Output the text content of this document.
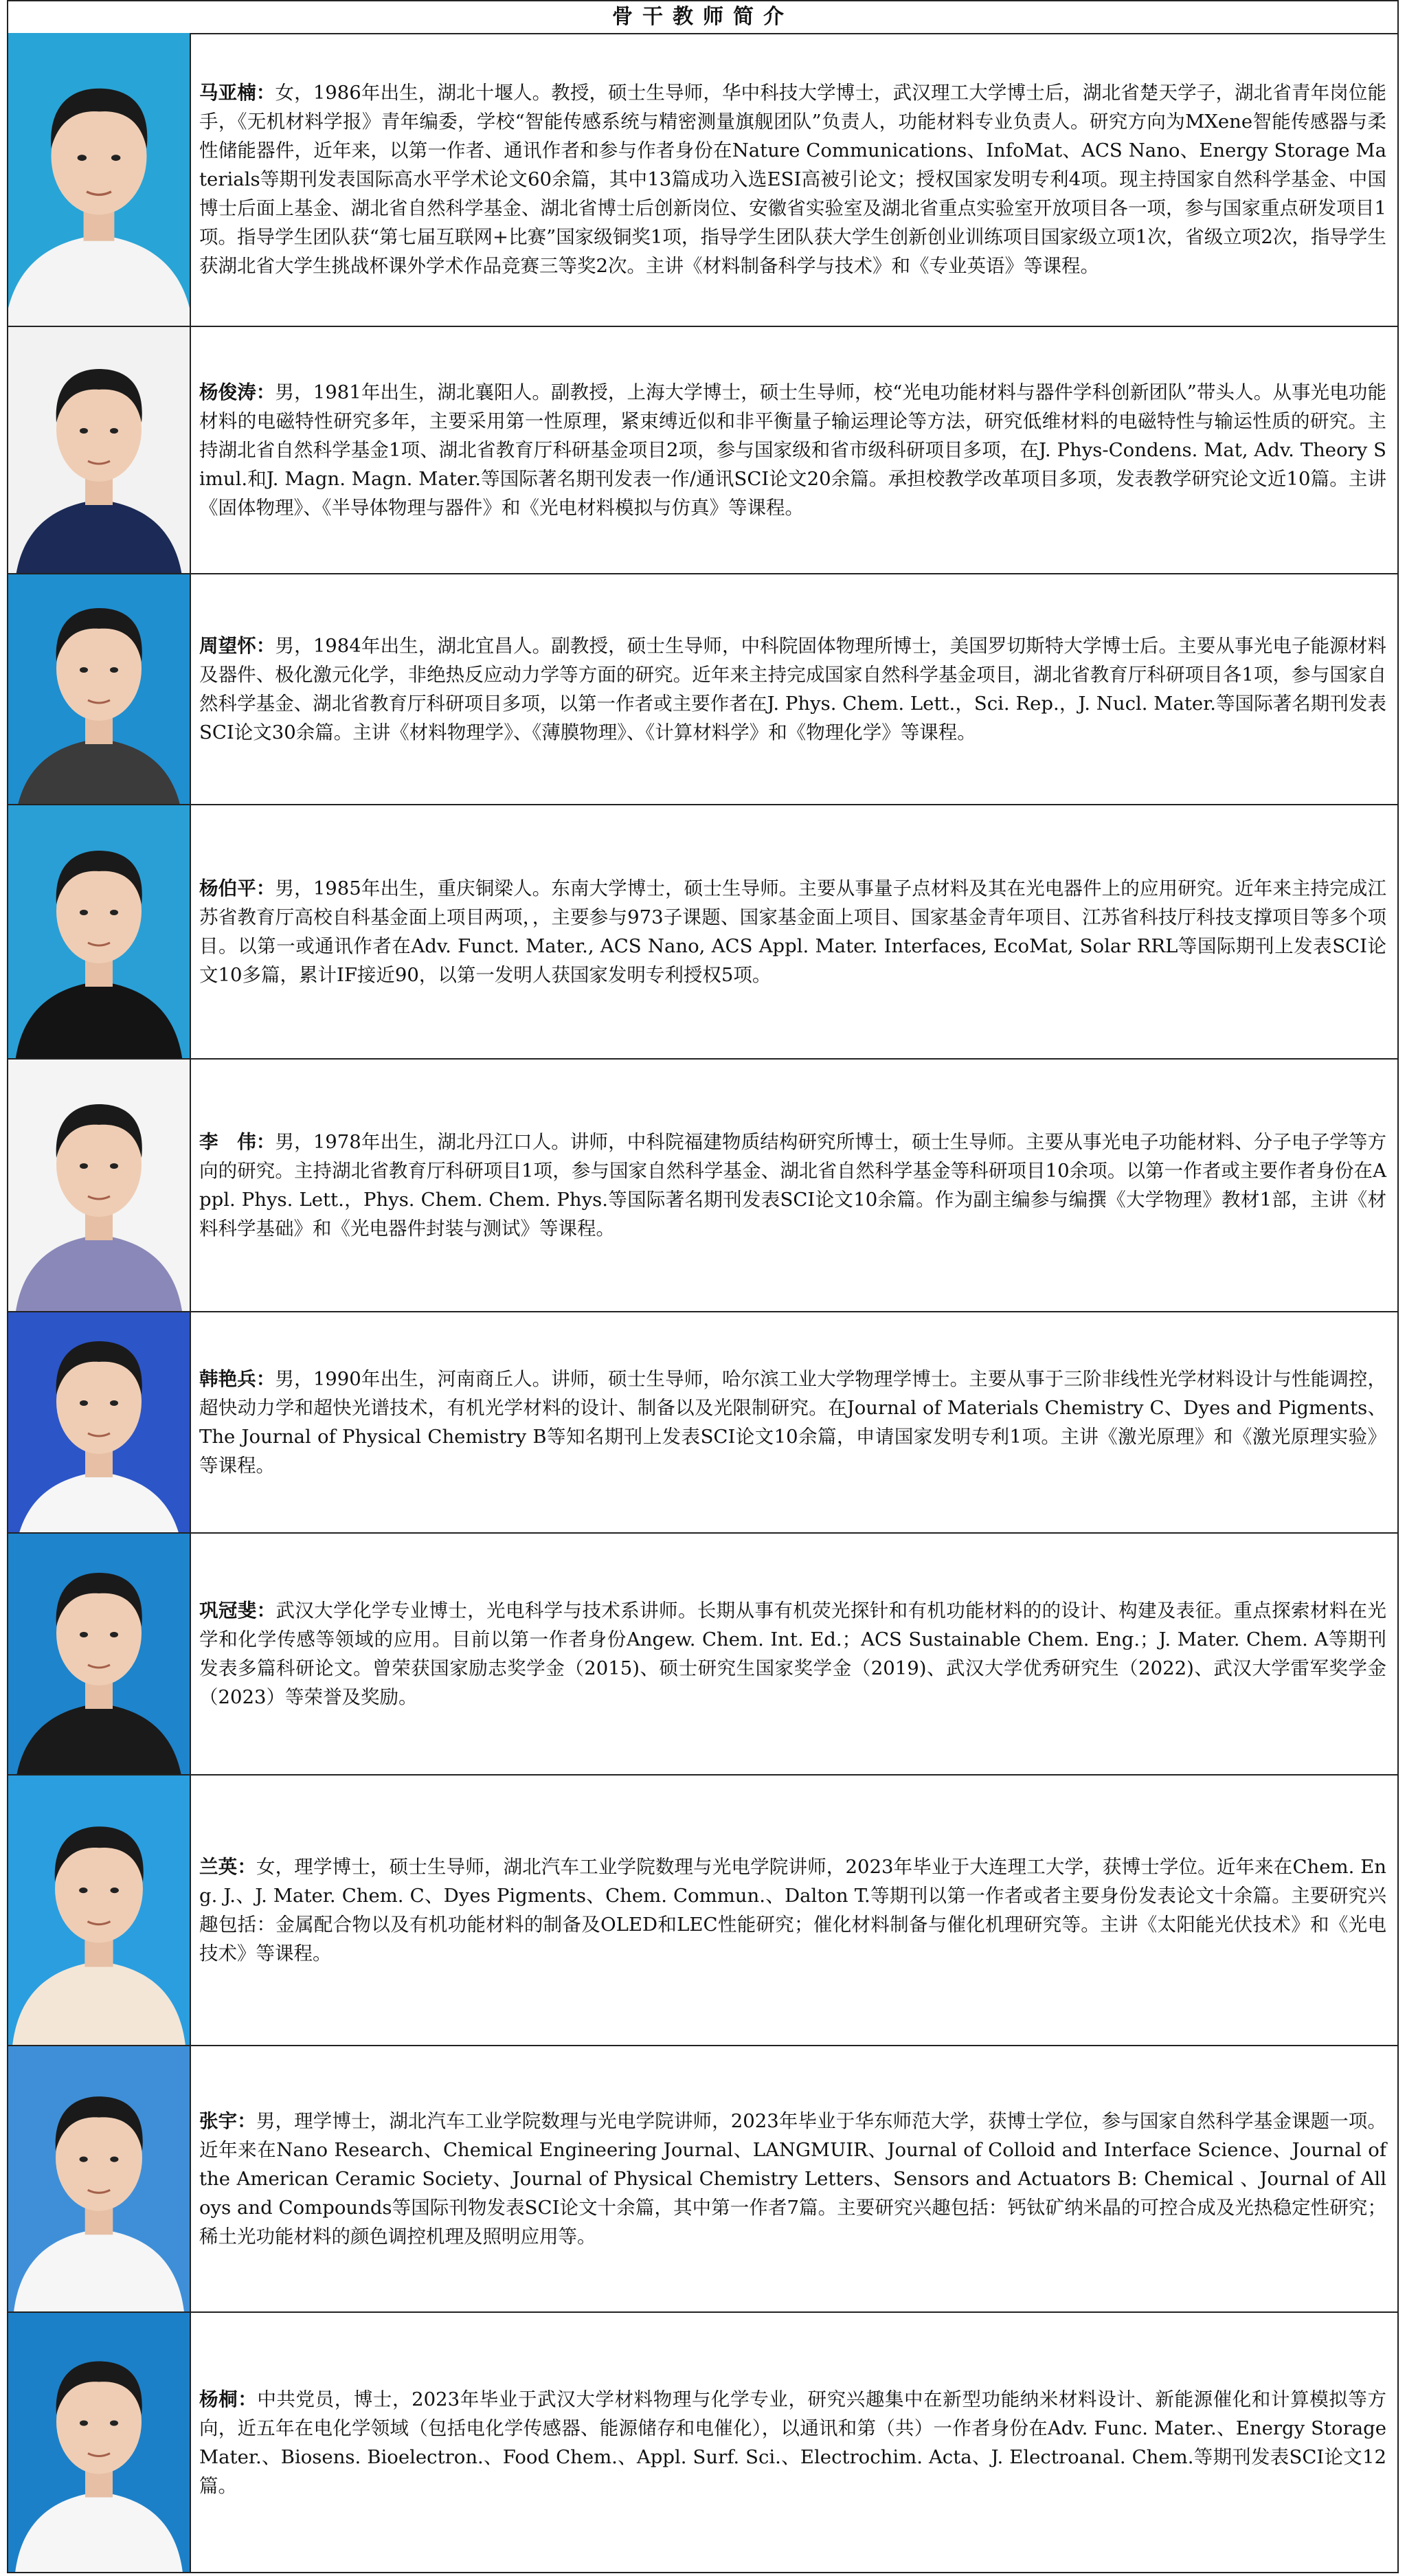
骨干教师简介

马亚楠：女，1986年出生，湖北十堰人。教授，硕士生导师，华中科技大学博士，武汉理工大学博士后，湖北省楚天学子，湖北省青年岗位能手，《无机材料学报》青年编委，学校“智能传感系统与精密测量旗舰团队”负责人，功能材料专业负责人。研究方向为MXene智能传感器与柔性储能器件，近年来，以第一作者、通讯作者和参与作者身份在Nature Communications、InfoMat、ACS Nano、Energy Storage Materials等期刊发表国际高水平学术论文60余篇，其中13篇成功入选ESI高被引论文；授权国家发明专利4项。现主持国家自然科学基金、中国博士后面上基金、湖北省自然科学基金、湖北省博士后创新岗位、安徽省实验室及湖北省重点实验室开放项目各一项，参与国家重点研发项目1项。指导学生团队获“第七届互联网+比赛”国家级铜奖1项，指导学生团队获大学生创新创业训练项目国家级立项1次，省级立项2次，指导学生获湖北省大学生挑战杯课外学术作品竞赛三等奖2次。主讲《材料制备科学与技术》和《专业英语》等课程。

杨俊涛：男，1981年出生，湖北襄阳人。副教授，上海大学博士，硕士生导师，校“光电功能材料与器件学科创新团队”带头人。从事光电功能材料的电磁特性研究多年，主要采用第一性原理，紧束缚近似和非平衡量子输运理论等方法，研究低维材料的电磁特性与输运性质的研究。主持湖北省自然科学基金1项、湖北省教育厅科研基金项目2项，参与国家级和省市级科研项目多项，在J. Phys-Condens. Mat, Adv. Theory Simul.和J. Magn. Magn. Mater.等国际著名期刊发表一作/通讯SCI论文20余篇。承担校教学改革项目多项，发表教学研究论文近10篇。主讲《固体物理》、《半导体物理与器件》和《光电材料模拟与仿真》等课程。

周望怀：男，1984年出生，湖北宜昌人。副教授，硕士生导师，中科院固体物理所博士，美国罗切斯特大学博士后。主要从事光电子能源材料及器件、极化激元化学，非绝热反应动力学等方面的研究。近年来主持完成国家自然科学基金项目，湖北省教育厅科研项目各1项，参与国家自然科学基金、湖北省教育厅科研项目多项，以第一作者或主要作者在J. Phys. Chem. Lett.，Sci. Rep.，J. Nucl. Mater.等国际著名期刊发表SCI论文30余篇。主讲《材料物理学》、《薄膜物理》、《计算材料学》和《物理化学》等课程。

杨伯平：男，1985年出生，重庆铜梁人。东南大学博士，硕士生导师。主要从事量子点材料及其在光电器件上的应用研究。近年来主持完成江苏省教育厅高校自科基金面上项目两项，，主要参与973子课题、国家基金面上项目、国家基金青年项目、江苏省科技厅科技支撑项目等多个项目。以第一或通讯作者在Adv. Funct. Mater., ACS Nano, ACS Appl. Mater. Interfaces, EcoMat, Solar RRL等国际期刊上发表SCI论文10多篇，累计IF接近90，以第一发明人获国家发明专利授权5项。

李　伟：男，1978年出生，湖北丹江口人。讲师，中科院福建物质结构研究所博士，硕士生导师。主要从事光电子功能材料、分子电子学等方向的研究。主持湖北省教育厅科研项目1项，参与国家自然科学基金、湖北省自然科学基金等科研项目10余项。以第一作者或主要作者身份在Appl. Phys. Lett.，Phys. Chem. Chem. Phys.等国际著名期刊发表SCI论文10余篇。作为副主编参与编撰《大学物理》教材1部，主讲《材料科学基础》和《光电器件封装与测试》等课程。

韩艳兵：男，1990年出生，河南商丘人。讲师，硕士生导师，哈尔滨工业大学物理学博士。主要从事于三阶非线性光学材料设计与性能调控，超快动力学和超快光谱技术，有机光学材料的设计、制备以及光限制研究。在Journal of Materials Chemistry C、Dyes and Pigments、The Journal of Physical Chemistry B等知名期刊上发表SCI论文10余篇，申请国家发明专利1项。主讲《激光原理》和《激光原理实验》等课程。

巩冠斐：武汉大学化学专业博士，光电科学与技术系讲师。长期从事有机荧光探针和有机功能材料的的设计、构建及表征。重点探索材料在光学和化学传感等领域的应用。目前以第一作者身份Angew. Chem. Int. Ed.；ACS Sustainable Chem. Eng.；J. Mater. Chem. A等期刊发表多篇科研论文。曾荣获国家励志奖学金（2015)、硕士研究生国家奖学金（2019)、武汉大学优秀研究生（2022)、武汉大学雷军奖学金（2023）等荣誉及奖励。

兰英：女，理学博士，硕士生导师，湖北汽车工业学院数理与光电学院讲师，2023年毕业于大连理工大学，获博士学位。近年来在Chem. Eng. J.、J. Mater. Chem. C、Dyes Pigments、Chem. Commun.、Dalton T.等期刊以第一作者或者主要身份发表论文十余篇。主要研究兴趣包括：金属配合物以及有机功能材料的制备及OLED和LEC性能研究；催化材料制备与催化机理研究等。主讲《太阳能光伏技术》和《光电技术》等课程。

张宇：男，理学博士，湖北汽车工业学院数理与光电学院讲师，2023年毕业于华东师范大学，获博士学位，参与国家自然科学基金课题一项。近年来在Nano Research、Chemical Engineering Journal、LANGMUIR、Journal of Colloid and Interface Science、Journal of the American Ceramic Society、Journal of Physical Chemistry Letters、Sensors and Actuators B: Chemical 、Journal of Alloys and Compounds等国际刊物发表SCI论文十余篇，其中第一作者7篇。主要研究兴趣包括：钙钛矿纳米晶的可控合成及光热稳定性研究；稀土光功能材料的颜色调控机理及照明应用等。

杨桐：中共党员，博士，2023年毕业于武汉大学材料物理与化学专业，研究兴趣集中在新型功能纳米材料设计、新能源催化和计算模拟等方向，近五年在电化学领域（包括电化学传感器、能源储存和电催化），以通讯和第（共）一作者身份在Adv. Func. Mater.、Energy Storage Mater.、Biosens. Bioelectron.、Food Chem.、Appl. Surf. Sci.、Electrochim. Acta、J. Electroanal. Chem.等期刊发表SCI论文12篇。
